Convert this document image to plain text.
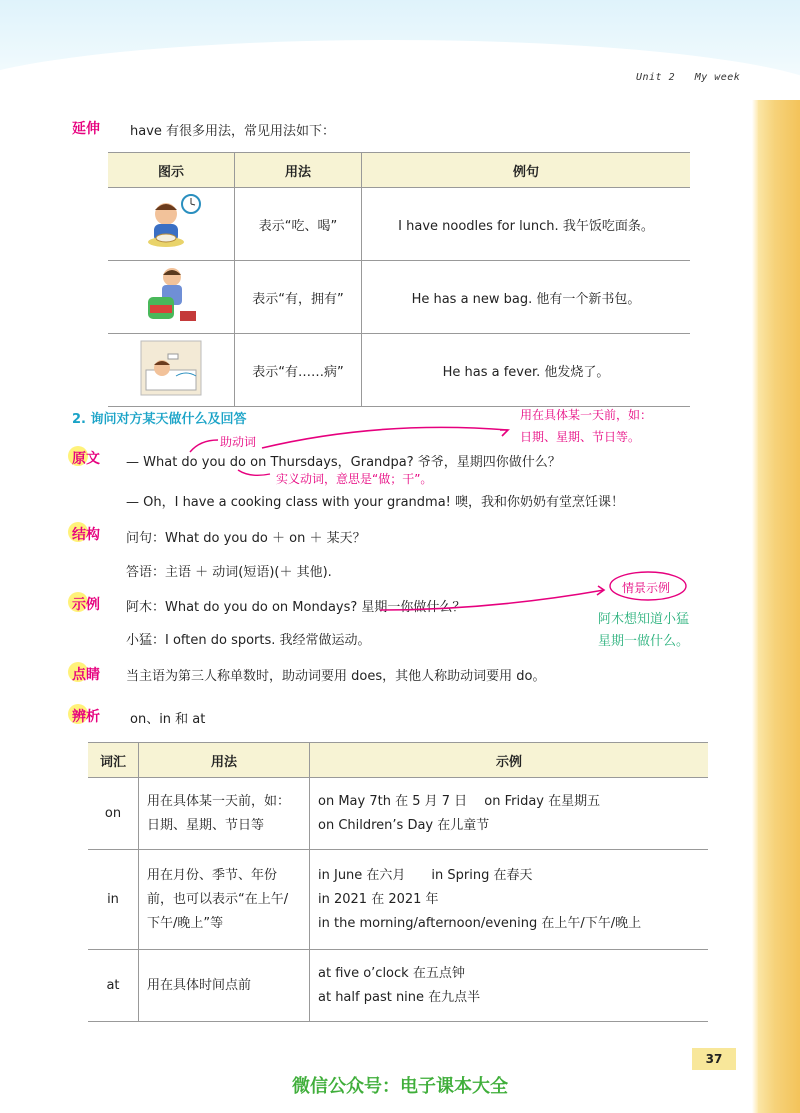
Unit 2 My week
延伸 have 有很多用法，常见用法如下：
图示	用法	例句
	表示“吃、喝”	I have noodles for lunch. 我午饭吃面条。
	表示“有，拥有”	He has a new bag. 他有一个新书包。
	表示“有……病”	He has a fever. 他发烧了。
2. 询问对方某天做什么及回答
原文 — What do you do on Thursdays，Grandpa? 爷爷，星期四你做什么？
— Oh，I have a cooking class with your grandma! 噢，我和你奶奶有堂烹饪课！
结构 问句：What do you do ＋ on ＋ 某天？
答语：主语 ＋ 动词(短语)(＋ 其他).
示例 阿木：What do you do on Mondays? 星期一你做什么？
小猛：I often do sports. 我经常做运动。
点睛 当主语为第三人称单数时，助动词要用 does，其他人称助动词要用 do。
辨析 on、in 和 at
词汇	用法	示例
on	用在具体某一天前，如：日期、星期、节日等	on May 7th 在 5 月 7 日　 on Friday 在星期五
on Children’s Day 在儿童节

in	用在月份、季节、年份前，也可以表示“在上午/下午/晚上”等	in June 在六月　　in Spring 在春天
in 2021 在 2021 年
in the morning/afternoon/evening 在上午/下午/晚上

at	用在具体时间点前	at five o’clock 在五点钟
at half past nine 在九点半
助动词
实义动词，意思是“做；干”。
用在具体某一天前，如：
日期、星期、节日等。
情景示例
阿木想知道小猛
星期一做什么。
37
微信公众号：电子课本大全
